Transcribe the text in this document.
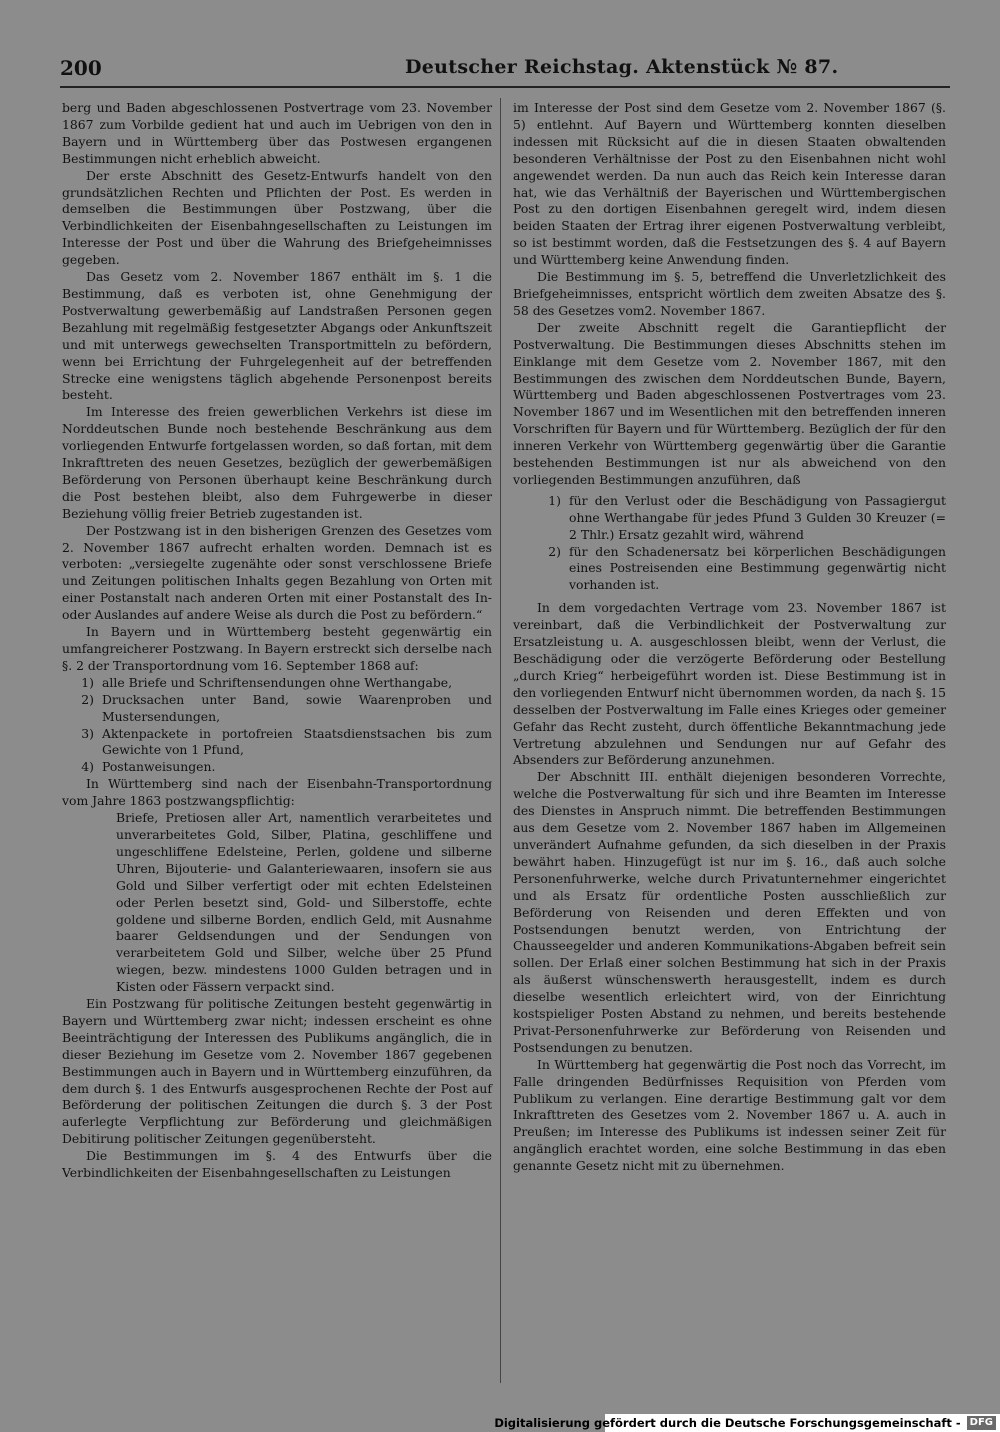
200	Deutscher Reichstag. Aktenstück № 87.

berg und Baden abgeschlossenen Postvertrage vom 23. November 1867 zum Vorbilde gedient hat und auch im Uebrigen von den in Bayern und in Württemberg über das Postwesen ergangenen Bestimmungen nicht erheblich abweicht.

Der erste Abschnitt des Gesetz-Entwurfs handelt von den grundsätzlichen Rechten und Pflichten der Post. Es werden in demselben die Bestimmungen über Postzwang, über die Verbindlichkeiten der Eisenbahngesellschaften zu Leistungen im Interesse der Post und über die Wahrung des Briefgeheimnisses gegeben.

Das Gesetz vom 2. November 1867 enthält im §. 1 die Bestimmung, daß es verboten ist, ohne Genehmigung der Postverwaltung gewerbemäßig auf Landstraßen Personen gegen Bezahlung mit regelmäßig festgesetzter Abgangs oder Ankunftszeit und mit unterwegs gewechselten Transportmitteln zu befördern, wenn bei Errichtung der Fuhrgelegenheit auf der betreffenden Strecke eine wenigstens täglich abgehende Personenpost bereits besteht.

Im Interesse des freien gewerblichen Verkehrs ist diese im Norddeutschen Bunde noch bestehende Beschränkung aus dem vorliegenden Entwurfe fortgelassen worden, so daß fortan, mit dem Inkrafttreten des neuen Gesetzes, bezüglich der gewerbemäßigen Beförderung von Personen überhaupt keine Beschränkung durch die Post bestehen bleibt, also dem Fuhrgewerbe in dieser Beziehung völlig freier Betrieb zugestanden ist.

Der Postzwang ist in den bisherigen Grenzen des Gesetzes vom 2. November 1867 aufrecht erhalten worden. Demnach ist es verboten: „versiegelte zugenähte oder sonst verschlossene Briefe und Zeitungen politischen Inhalts gegen Bezahlung von Orten mit einer Postanstalt nach anderen Orten mit einer Postanstalt des In- oder Auslandes auf andere Weise als durch die Post zu befördern.“

In Bayern und in Württemberg besteht gegenwärtig ein umfangreicherer Postzwang. In Bayern erstreckt sich derselbe nach §. 2 der Transportordnung vom 16. September 1868 auf:

1) alle Briefe und Schriftensendungen ohne Werthangabe,
2) Drucksachen unter Band, sowie Waarenproben und Mustersendungen,
3) Aktenpackete in portofreien Staatsdienstsachen bis zum Gewichte von 1 Pfund,
4) Postanweisungen.

In Württemberg sind nach der Eisenbahn-Transportordnung vom Jahre 1863 postzwangspflichtig:

Briefe, Pretiosen aller Art, namentlich verarbeitetes und unverarbeitetes Gold, Silber, Platina, geschliffene und ungeschliffene Edelsteine, Perlen, goldene und silberne Uhren, Bijouterie- und Galanteriewaaren, insofern sie aus Gold und Silber verfertigt oder mit echten Edelsteinen oder Perlen besetzt sind, Gold- und Silberstoffe, echte goldene und silberne Borden, endlich Geld, mit Ausnahme baarer Geldsendungen und der Sendungen von verarbeitetem Gold und Silber, welche über 25 Pfund wiegen, bezw. mindestens 1000 Gulden betragen und in Kisten oder Fässern verpackt sind.

Ein Postzwang für politische Zeitungen besteht gegenwärtig in Bayern und Württemberg zwar nicht; indessen erscheint es ohne Beeinträchtigung der Interessen des Publikums angänglich, die in dieser Beziehung im Gesetze vom 2. November 1867 gegebenen Bestimmungen auch in Bayern und in Württemberg einzuführen, da dem durch §. 1 des Entwurfs ausgesprochenen Rechte der Post auf Beförderung der politischen Zeitungen die durch §. 3 der Post auferlegte Verpflichtung zur Beförderung und gleichmäßigen Debitirung politischer Zeitungen gegenübersteht.

Die Bestimmungen im §. 4 des Entwurfs über die Verbindlichkeiten der Eisenbahngesellschaften zu Leistungen

im Interesse der Post sind dem Gesetze vom 2. November 1867 (§. 5) entlehnt. Auf Bayern und Württemberg konnten dieselben indessen mit Rücksicht auf die in diesen Staaten obwaltenden besonderen Verhältnisse der Post zu den Eisenbahnen nicht wohl angewendet werden. Da nun auch das Reich kein Interesse daran hat, wie das Verhältniß der Bayerischen und Württembergischen Post zu den dortigen Eisenbahnen geregelt wird, indem diesen beiden Staaten der Ertrag ihrer eigenen Postverwaltung verbleibt, so ist bestimmt worden, daß die Festsetzungen des §. 4 auf Bayern und Württemberg keine Anwendung finden.

Die Bestimmung im §. 5, betreffend die Unverletzlichkeit des Briefgeheimnisses, entspricht wörtlich dem zweiten Absatze des §. 58 des Gesetzes vom2. November 1867.

Der zweite Abschnitt regelt die Garantiepflicht der Postverwaltung. Die Bestimmungen dieses Abschnitts stehen im Einklange mit dem Gesetze vom 2. November 1867, mit den Bestimmungen des zwischen dem Norddeutschen Bunde, Bayern, Württemberg und Baden abgeschlossenen Postvertrages vom 23. November 1867 und im Wesentlichen mit den betreffenden inneren Vorschriften für Bayern und für Württemberg. Bezüglich der für den inneren Verkehr von Württemberg gegenwärtig über die Garantie bestehenden Bestimmungen ist nur als abweichend von den vorliegenden Bestimmungen anzuführen, daß

1) für den Verlust oder die Beschädigung von Passagiergut ohne Werthangabe für jedes Pfund 3 Gulden 30 Kreuzer (= 2 Thlr.) Ersatz gezahlt wird, während
2) für den Schadenersatz bei körperlichen Beschädigungen eines Postreisenden eine Bestimmung gegenwärtig nicht vorhanden ist.

In dem vorgedachten Vertrage vom 23. November 1867 ist vereinbart, daß die Verbindlichkeit der Postverwaltung zur Ersatzleistung u. A. ausgeschlossen bleibt, wenn der Verlust, die Beschädigung oder die verzögerte Beförderung oder Bestellung „durch Krieg“ herbeigeführt worden ist. Diese Bestimmung ist in den vorliegenden Entwurf nicht übernommen worden, da nach §. 15 desselben der Postverwaltung im Falle eines Krieges oder gemeiner Gefahr das Recht zusteht, durch öffentliche Bekanntmachung jede Vertretung abzulehnen und Sendungen nur auf Gefahr des Absenders zur Beförderung anzunehmen.

Der Abschnitt III. enthält diejenigen besonderen Vorrechte, welche die Postverwaltung für sich und ihre Beamten im Interesse des Dienstes in Anspruch nimmt. Die betreffenden Bestimmungen aus dem Gesetze vom 2. November 1867 haben im Allgemeinen unverändert Aufnahme gefunden, da sich dieselben in der Praxis bewährt haben. Hinzugefügt ist nur im §. 16., daß auch solche Personenfuhrwerke, welche durch Privatunternehmer eingerichtet und als Ersatz für ordentliche Posten ausschließlich zur Beförderung von Reisenden und deren Effekten und von Postsendungen benutzt werden, von Entrichtung der Chausseegelder und anderen Kommunikations-Abgaben befreit sein sollen. Der Erlaß einer solchen Bestimmung hat sich in der Praxis als äußerst wünschenswerth herausgestellt, indem es durch dieselbe wesentlich erleichtert wird, von der Einrichtung kostspieliger Posten Abstand zu nehmen, und bereits bestehende Privat-Personenfuhrwerke zur Beförderung von Reisenden und Postsendungen zu benutzen.

In Württemberg hat gegenwärtig die Post noch das Vorrecht, im Falle dringenden Bedürfnisses Requisition von Pferden vom Publikum zu verlangen. Eine derartige Bestimmung galt vor dem Inkrafttreten des Gesetzes vom 2. November 1867 u. A. auch in Preußen; im Interesse des Publikums ist indessen seiner Zeit für angänglich erachtet worden, eine solche Bestimmung in das eben genannte Gesetz nicht mit zu übernehmen.

Digitalisierung gefördert durch die Deutsche Forschungsgemeinschaft - DFG
